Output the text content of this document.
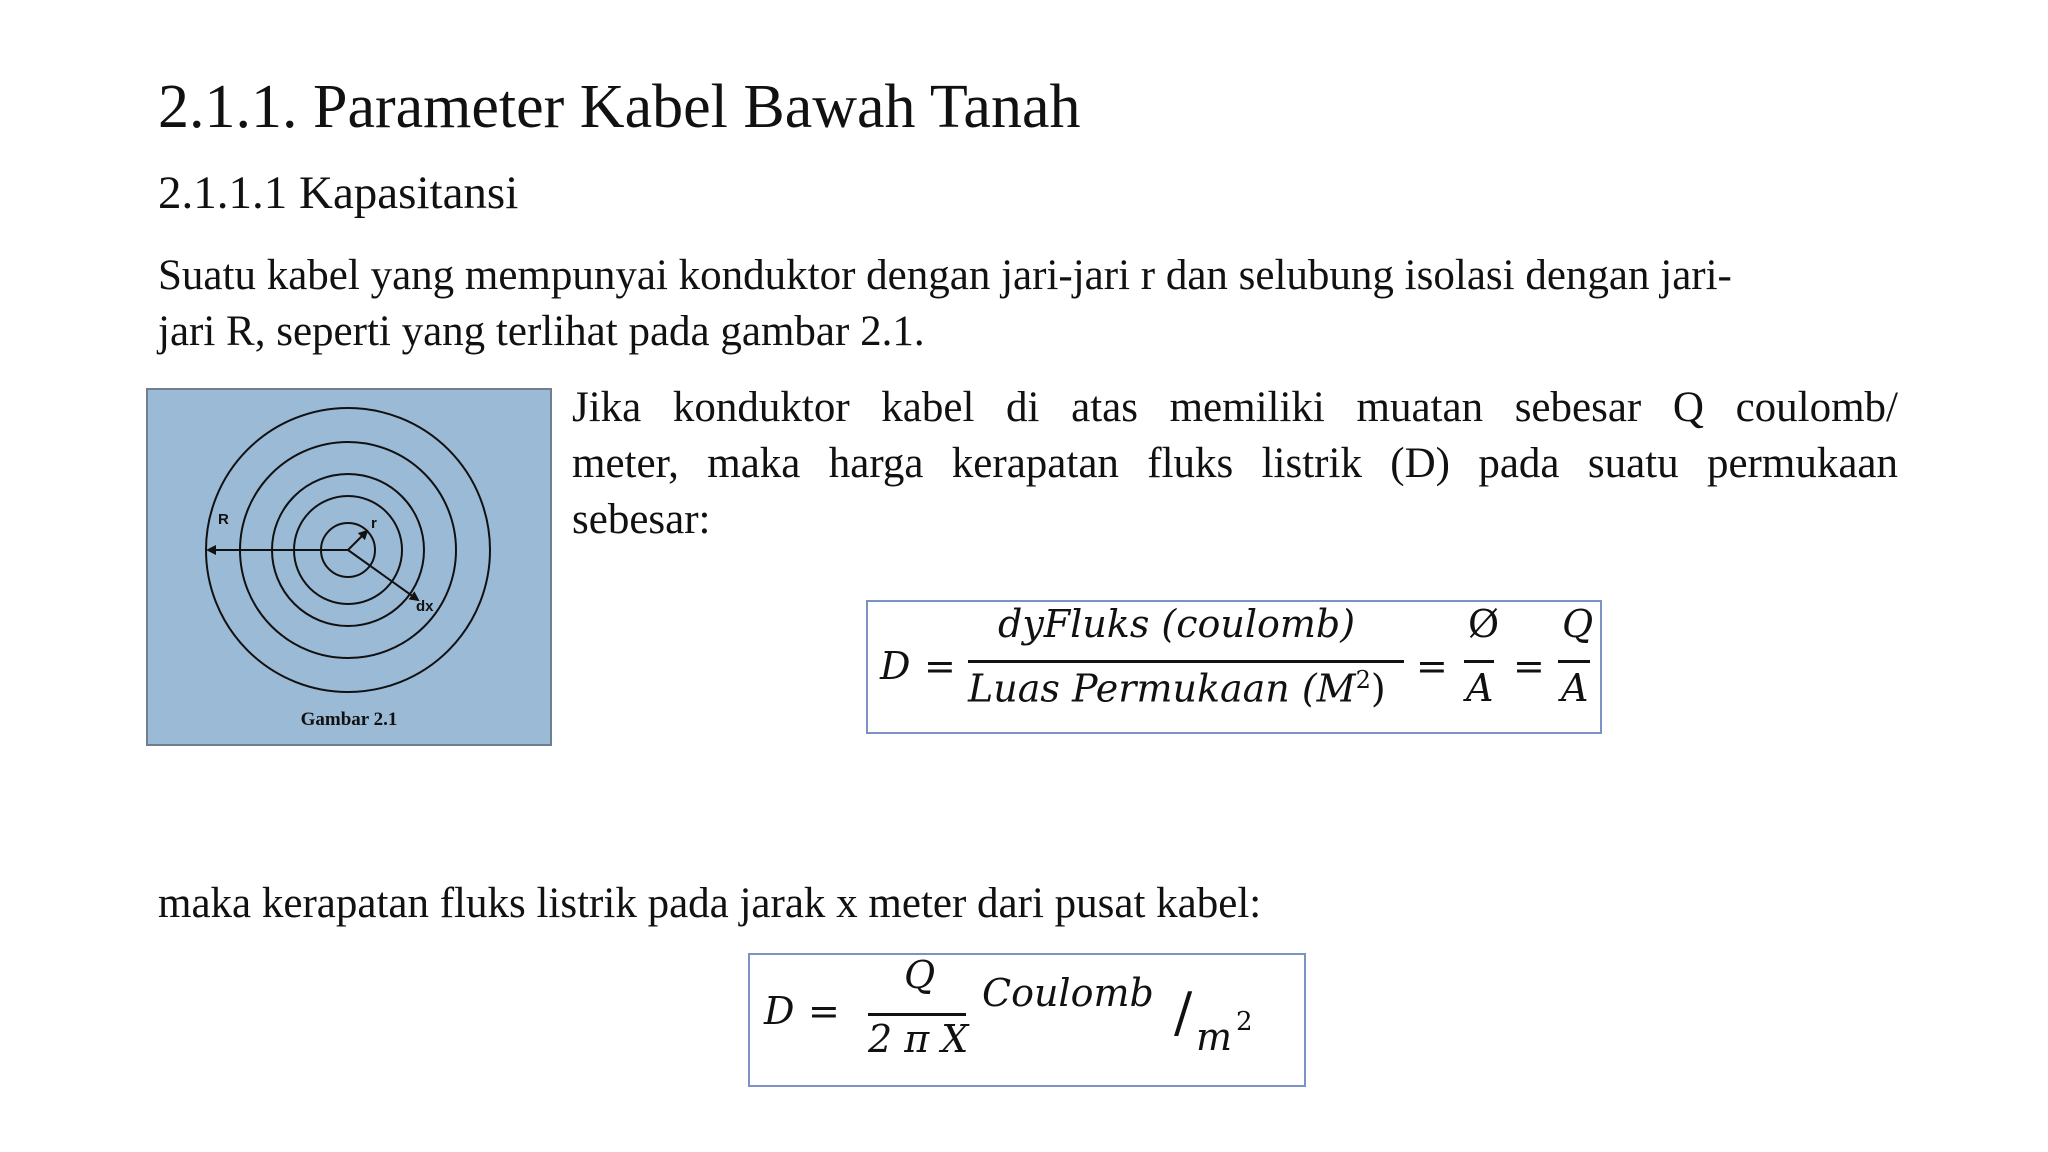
2.1.1. Parameter Kabel Bawah Tanah
2.1.1.1 Kapasitansi
Suatu kabel yang mempunyai konduktor dengan jari-jari r dan selubung isolasi dengan jari-
jari R, seperti yang terlihat pada gambar 2.1.
R	r
dx
Gambar 2.1
Jika konduktor kabel di atas memiliki muatan sebesar Q coulomb/
meter, maka harga kerapatan fluks listrik (D) pada suatu permukaan
sebesar:
D =
dyFluks (coulomb)
Luas Permukaan $(M^2)$
=
Ø
A =
Q
A
maka kerapatan fluks listrik pada jarak x meter dari pusat kabel:
D =
Q
2 π X
Coulomb / m 2
